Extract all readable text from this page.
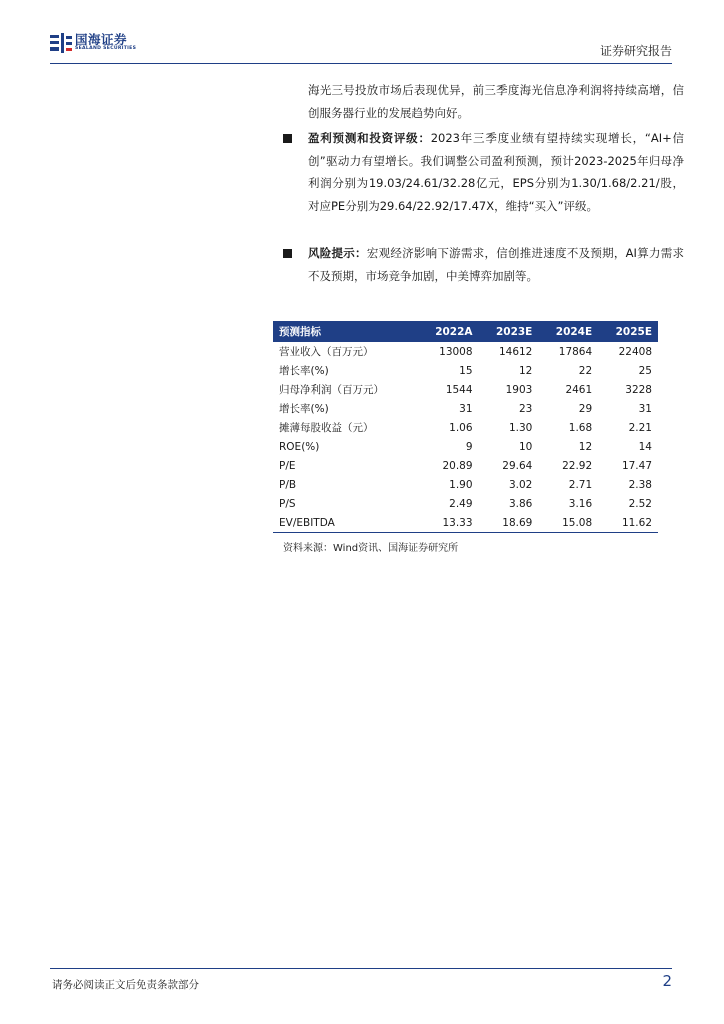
国海证券
SEALAND SECURITIES	证券研究报告
海光三号投放市场后表现优异，前三季度海光信息净利润将持续高增，信创服务器行业的发展趋势向好。
盈利预测和投资评级：2023年三季度业绩有望持续实现增长，“AI+信创”驱动力有望增长。我们调整公司盈利预测，预计2023-2025年归母净利润分别为19.03/24.61/32.28亿元，EPS分别为1.30/1.68/2.21/股，对应PE分别为29.64/22.92/17.47X，维持“买入”评级。
风险提示：宏观经济影响下游需求，信创推进速度不及预期，AI算力需求不及预期，市场竞争加剧，中美博弈加剧等。
预测指标	2022A	2023E	2024E	2025E
营业收入（百万元）	13008	14612	17864	22408
增长率(%)	15	12	22	25
归母净利润（百万元）	1544	1903	2461	3228
增长率(%)	31	23	29	31
摊薄每股收益（元）	1.06	1.30	1.68	2.21
ROE(%)	9	10	12	14
P/E	20.89	29.64	22.92	17.47
P/B	1.90	3.02	2.71	2.38
P/S	2.49	3.86	3.16	2.52
EV/EBITDA	13.33	18.69	15.08	11.62
资料来源：Wind资讯、国海证券研究所
请务必阅读正文后免责条款部分	2
